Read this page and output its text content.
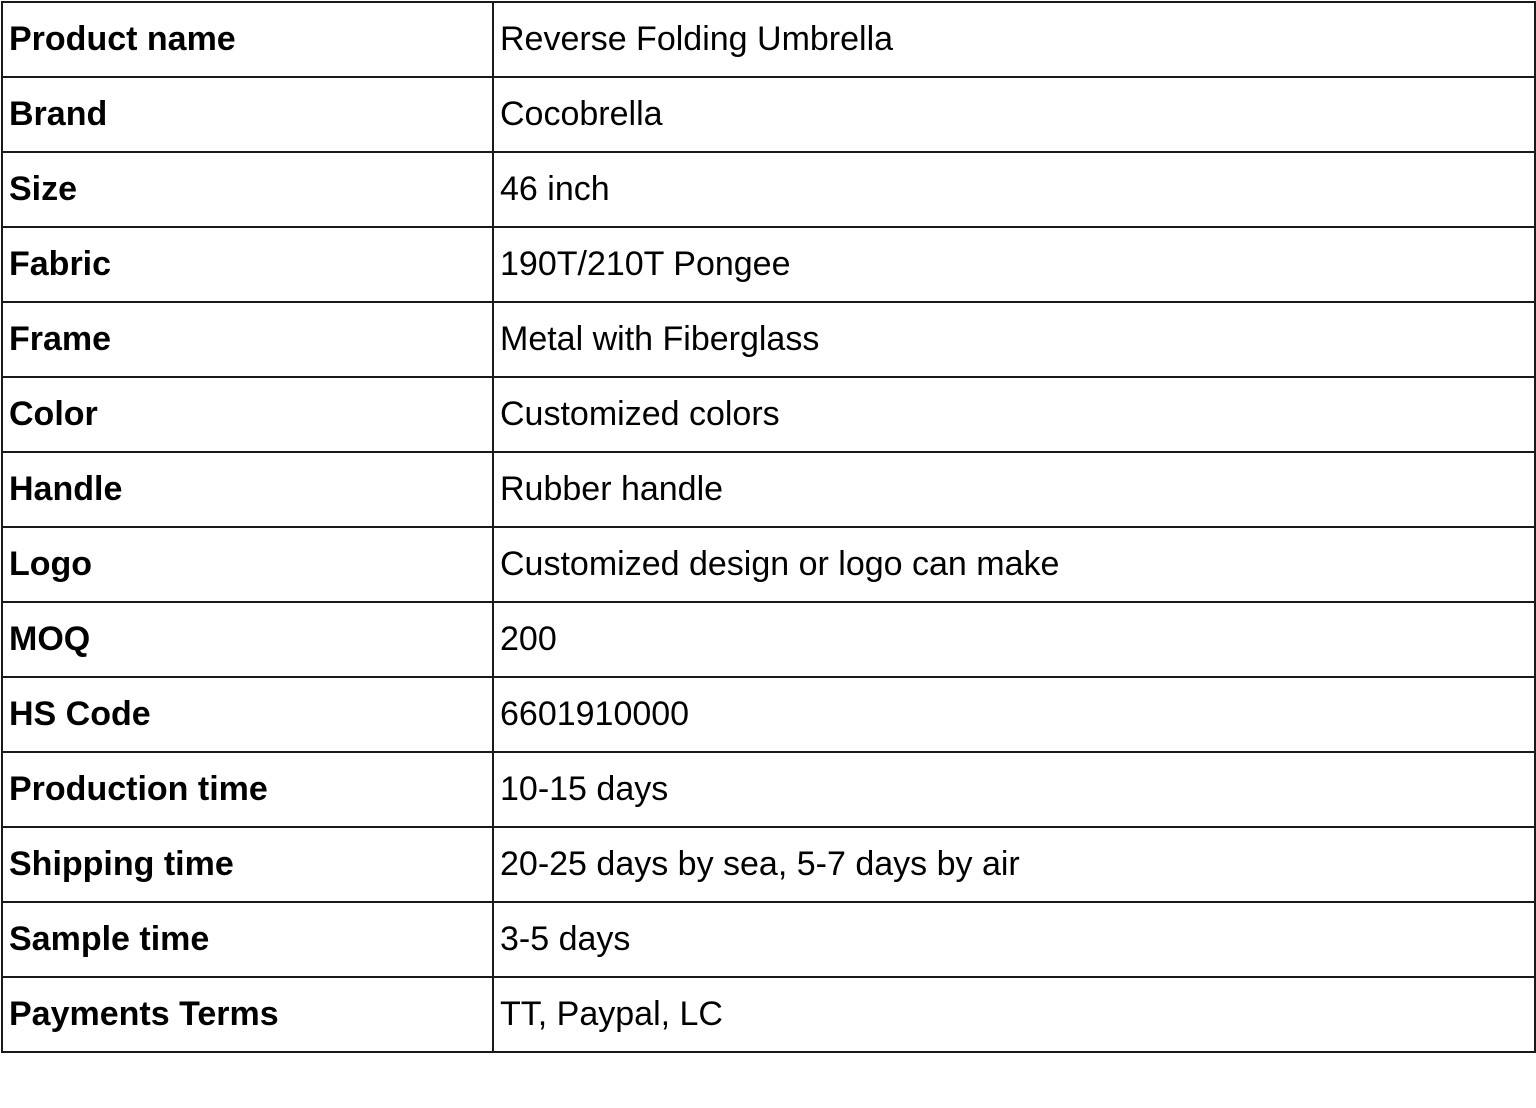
Product name	Reverse Folding Umbrella
Brand	Cocobrella
Size	46 inch
Fabric	190T/210T Pongee
Frame	Metal with Fiberglass
Color	Customized colors
Handle	Rubber handle
Logo	Customized design or logo can make
MOQ	200
HS Code	6601910000
Production time	10-15 days
Shipping time	20-25 days by sea, 5-7 days by air
Sample time	3-5 days
Payments Terms	TT, Paypal, LC
